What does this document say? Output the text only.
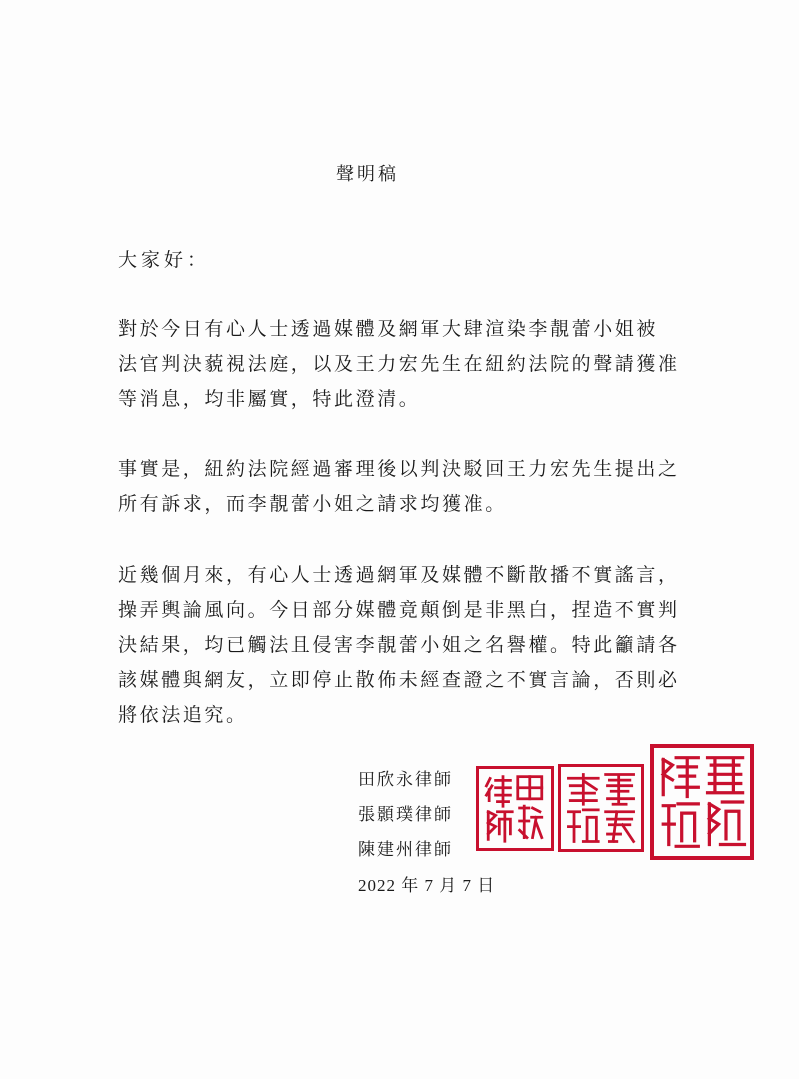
聲明稿
大家好：

對於今日有心人士透過媒體及網軍大肆渲染李靚蕾小姐被
法官判決藐視法庭，以及王力宏先生在紐約法院的聲請獲准
等消息，均非屬實，特此澄清。

事實是，紐約法院經過審理後以判決駁回王力宏先生提出之
所有訴求，而李靚蕾小姐之請求均獲准。

近幾個月來，有心人士透過網軍及媒體不斷散播不實謠言，
操弄輿論風向。今日部分媒體竟顛倒是非黑白，捏造不實判
決結果，均已觸法且侵害李靚蕾小姐之名譽權。特此籲請各
該媒體與網友，立即停止散佈未經查證之不實言論，否則必
將依法追究。

田欣永律師
張顥璞律師
陳建州律師
2022 年 7 月 7 日
